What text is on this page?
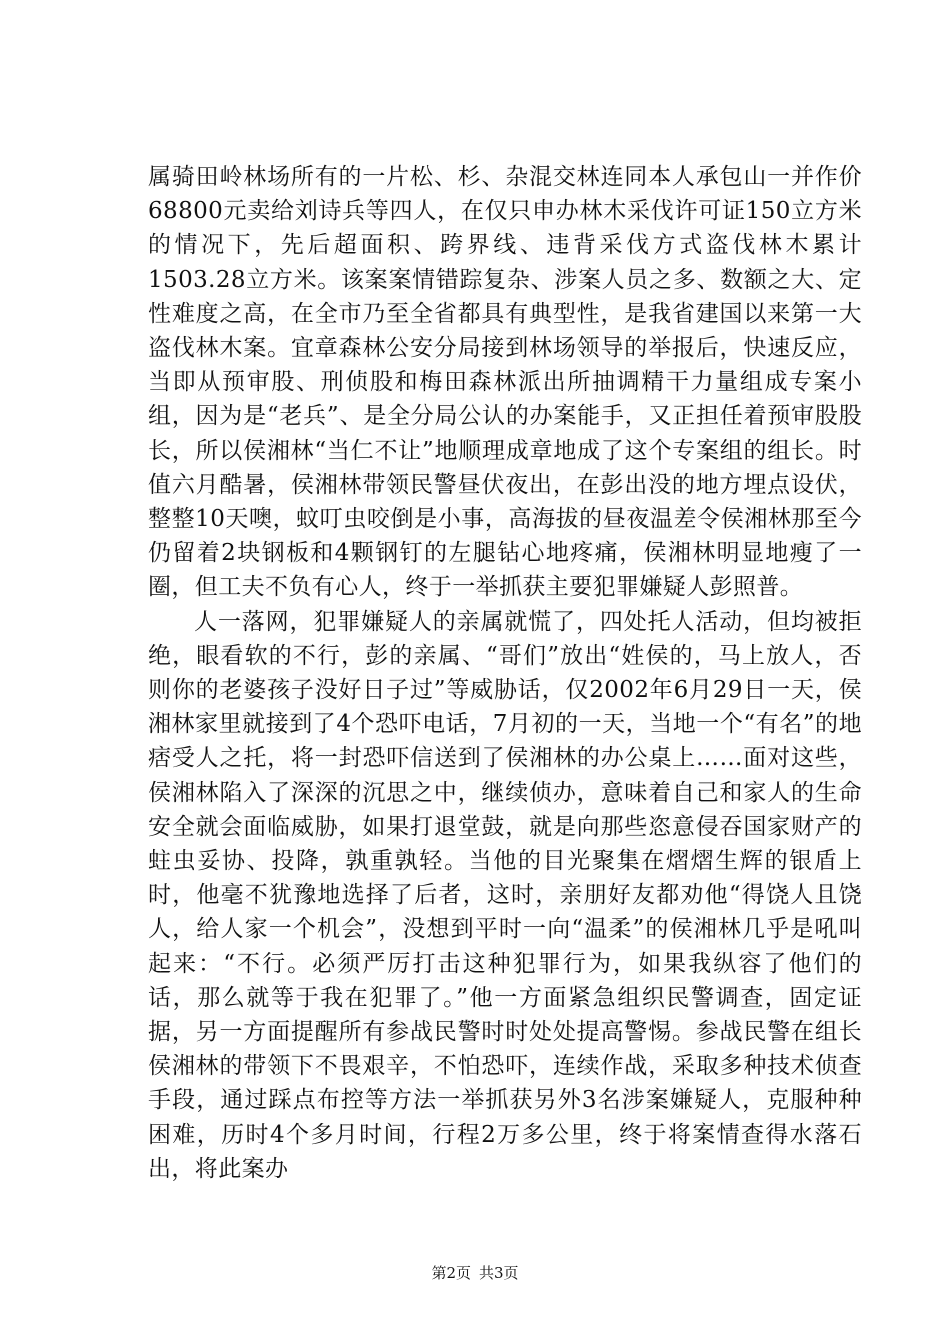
属骑田岭林场所有的一片松、杉、杂混交林连同本人承包山一并作价68800元卖给刘诗兵等四人，在仅只申办林木采伐许可证150立方米的情况下，先后超面积、跨界线、违背采伐方式盗伐林木累计1503.28立方米。该案案情错踪复杂、涉案人员之多、数额之大、定性难度之高，在全市乃至全省都具有典型性，是我省建国以来第一大盗伐林木案。宜章森林公安分局接到林场领导的举报后，快速反应，当即从预审股、刑侦股和梅田森林派出所抽调精干力量组成专案小组，因为是“老兵”、是全分局公认的办案能手，又正担任着预审股股长，所以侯湘林“当仁不让”地顺理成章地成了这个专案组的组长。时值六月酷暑，侯湘林带领民警昼伏夜出，在彭出没的地方埋点设伏，整整10天噢，蚊叮虫咬倒是小事，高海拔的昼夜温差令侯湘林那至今仍留着2块钢板和4颗钢钉的左腿钻心地疼痛，侯湘林明显地瘦了一圈，但工夫不负有心人，终于一举抓获主要犯罪嫌疑人彭照普。

人一落网，犯罪嫌疑人的亲属就慌了，四处托人活动，但均被拒绝，眼看软的不行，彭的亲属、“哥们”放出“姓侯的，马上放人，否则你的老婆孩子没好日子过”等威胁话，仅2002年6月29日一天，侯湘林家里就接到了4个恐吓电话，7月初的一天，当地一个“有名”的地痞受人之托，将一封恐吓信送到了侯湘林的办公桌上……面对这些，侯湘林陷入了深深的沉思之中，继续侦办，意味着自己和家人的生命安全就会面临威胁，如果打退堂鼓，就是向那些恣意侵吞国家财产的蛀虫妥协、投降，孰重孰轻。当他的目光聚集在熠熠生辉的银盾上时，他毫不犹豫地选择了后者，这时，亲朋好友都劝他“得饶人且饶人，给人家一个机会”，没想到平时一向“温柔”的侯湘林几乎是吼叫起来：“不行。必须严厉打击这种犯罪行为，如果我纵容了他们的话，那么就等于我在犯罪了。”他一方面紧急组织民警调查，固定证据，另一方面提醒所有参战民警时时处处提高警惕。参战民警在组长侯湘林的带领下不畏艰辛，不怕恐吓，连续作战，采取多种技术侦查手段，通过踩点布控等方法一举抓获另外3名涉案嫌疑人，克服种种困难，历时4个多月时间，行程2万多公里，终于将案情查得水落石出，将此案办

第2页 共3页
